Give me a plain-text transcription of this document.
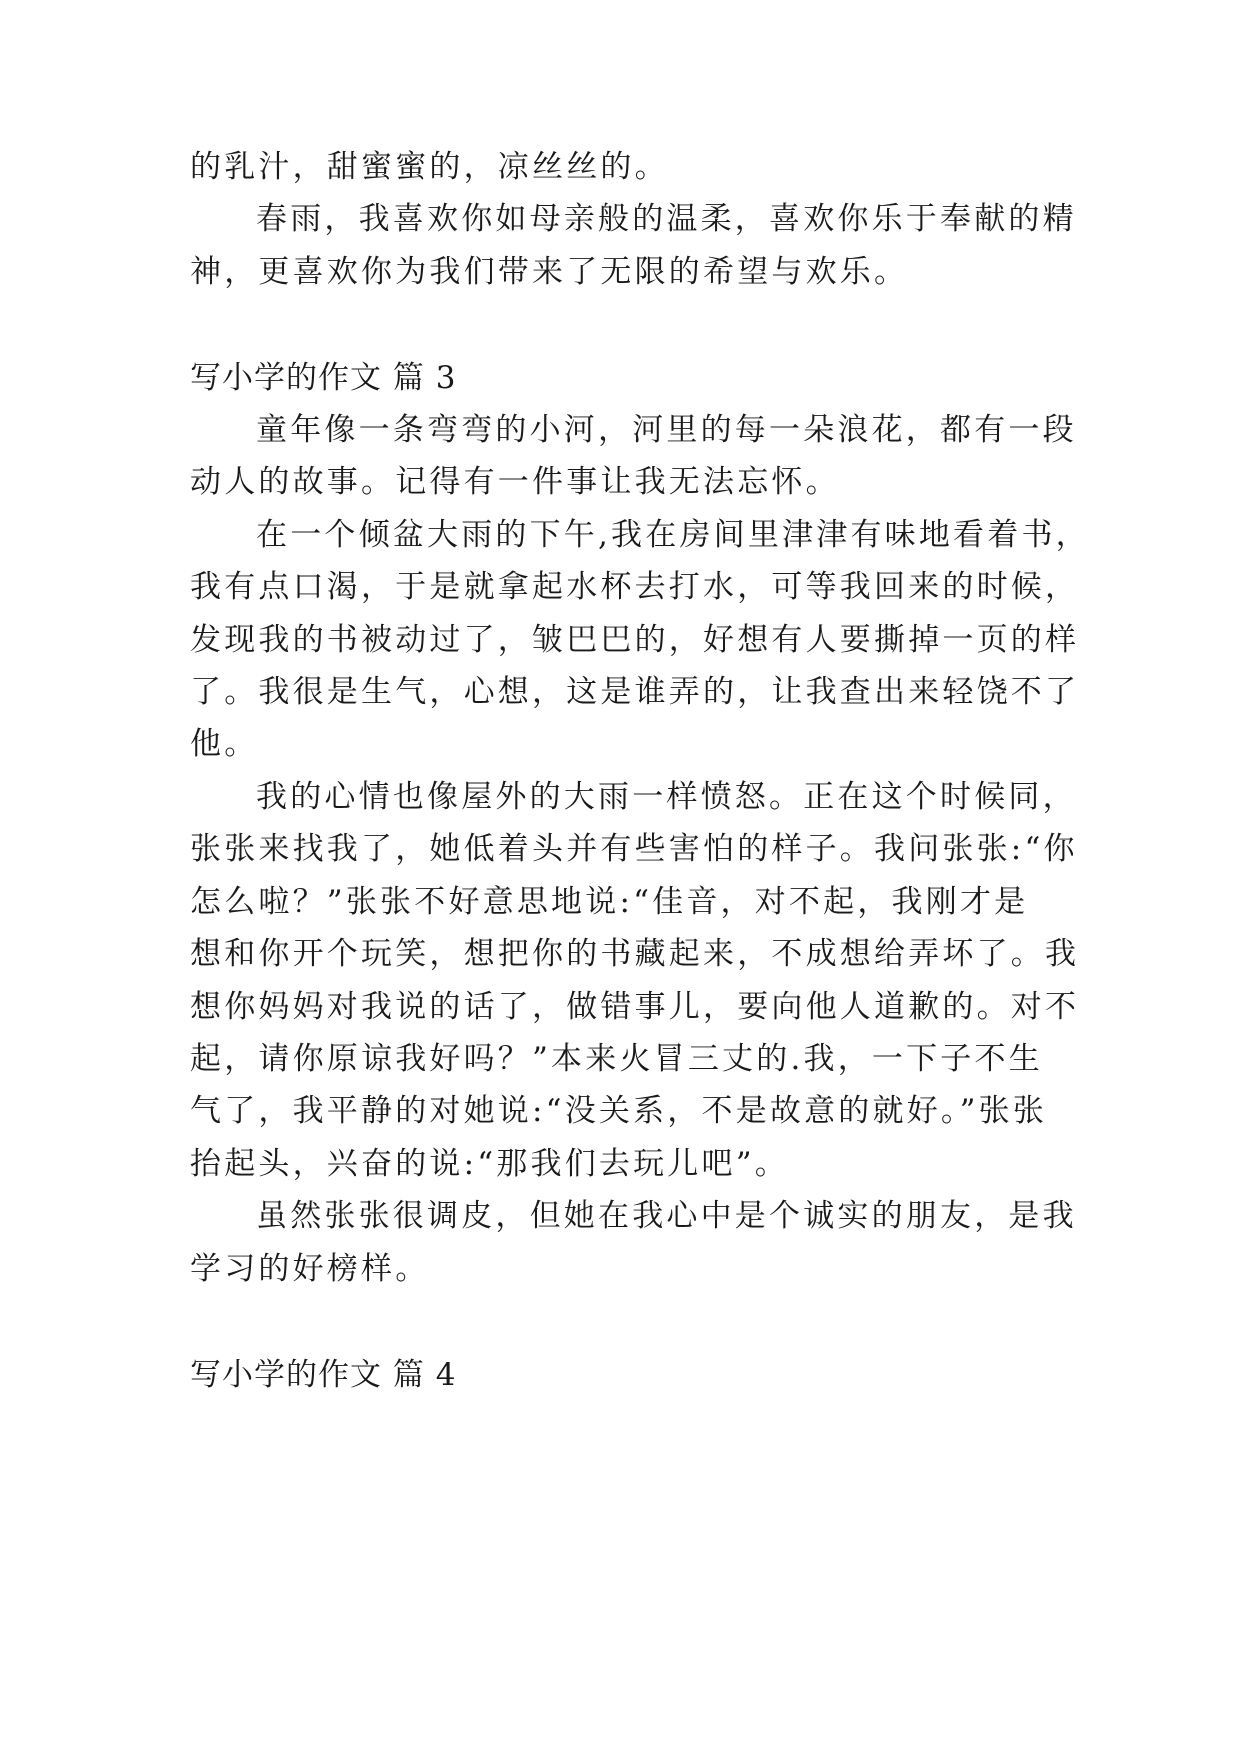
的乳汁，甜蜜蜜的，凉丝丝的。
春雨，我喜欢你如母亲般的温柔，喜欢你乐于奉献的精
神，更喜欢你为我们带来了无限的希望与欢乐。
写小学的作文 篇 3
童年像一条弯弯的小河，河里的每一朵浪花，都有一段
动人的故事。记得有一件事让我无法忘怀。
在一个倾盆大雨的下午,我在房间里津津有味地看着书，
我有点口渴，于是就拿起水杯去打水，可等我回来的时候，
发现我的书被动过了，皱巴巴的，好想有人要撕掉一页的样
了。我很是生气，心想，这是谁弄的，让我查出来轻饶不了
他。
我的心情也像屋外的大雨一样愤怒。正在这个时候同，
张张来找我了，她低着头并有些害怕的样子。我问张张:“你
怎么啦？”张张不好意思地说:“佳音，对不起，我刚才是
想和你开个玩笑，想把你的书藏起来，不成想给弄坏了。我
想你妈妈对我说的话了，做错事儿，要向他人道歉的。对不
起，请你原谅我好吗？”本来火冒三丈的.我，一下子不生
气了，我平静的对她说:“没关系，不是故意的就好。”张张
抬起头，兴奋的说:“那我们去玩儿吧”。
虽然张张很调皮，但她在我心中是个诚实的朋友，是我
学习的好榜样。
写小学的作文 篇 4
